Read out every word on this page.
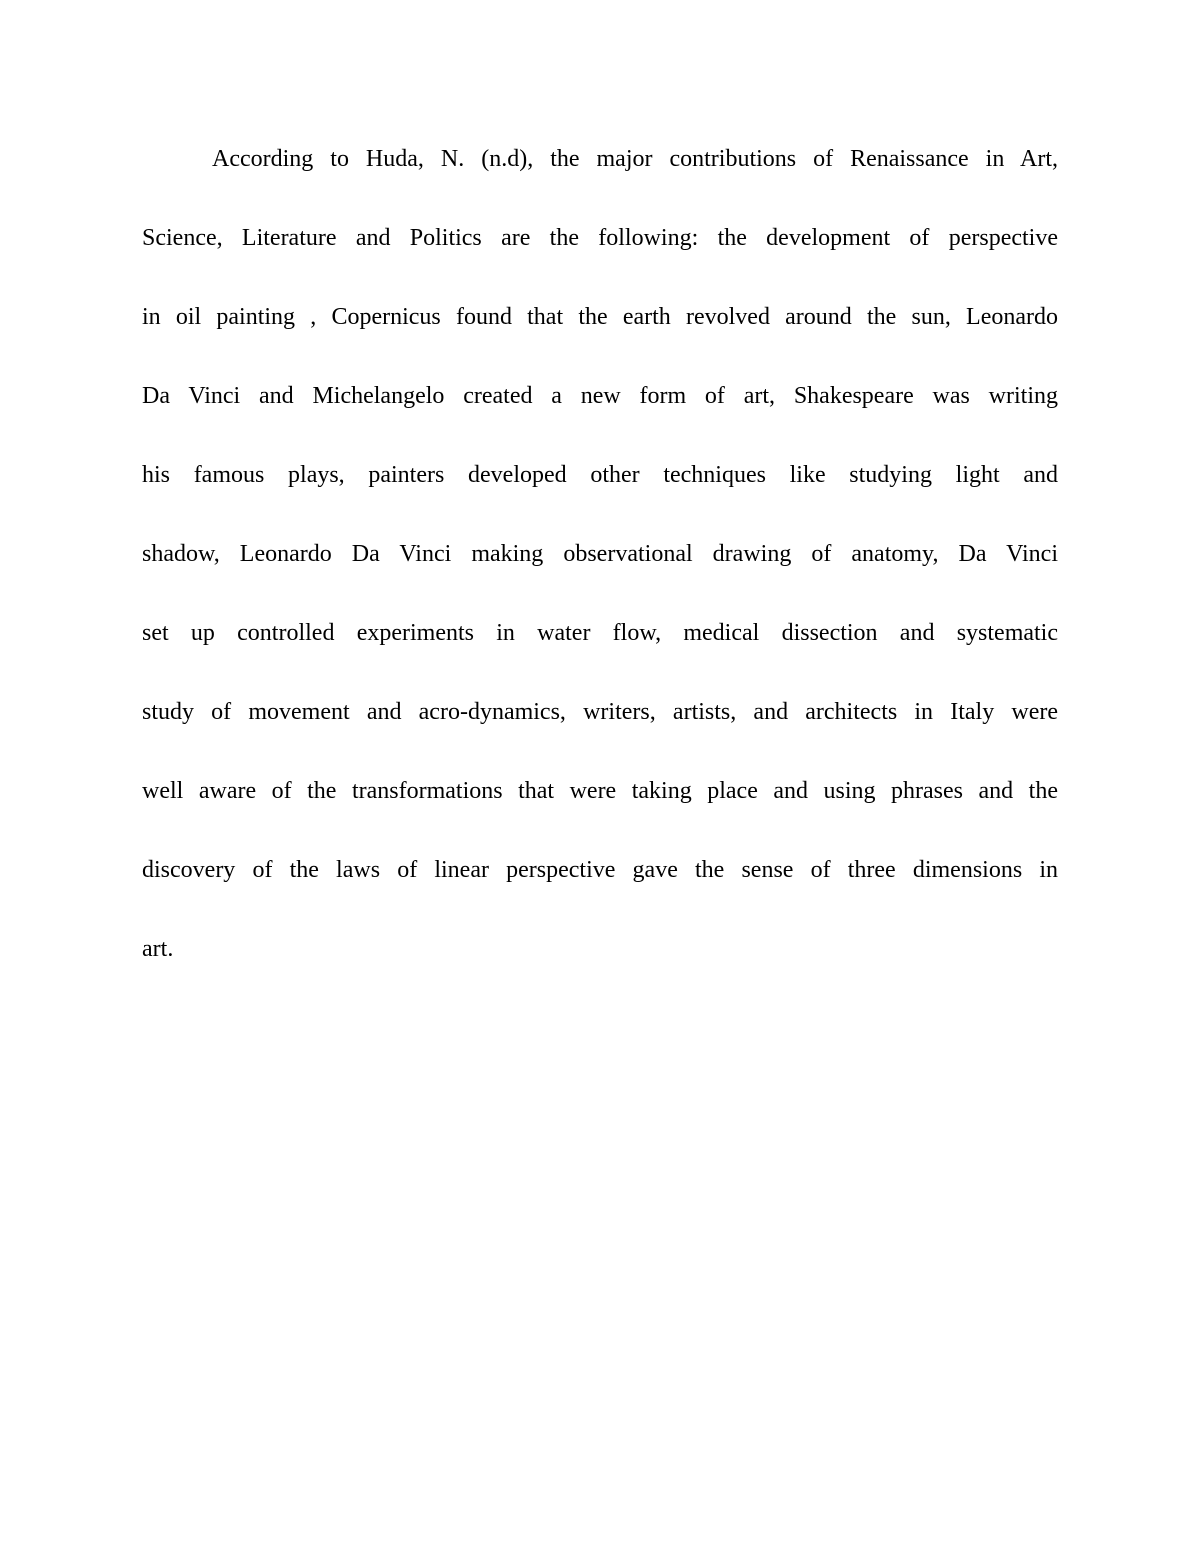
According to Huda, N. (n.d), the major contributions of Renaissance in Art,
Science, Literature and Politics are the following: the development of perspective
in oil painting , Copernicus found that the earth revolved around the sun, Leonardo
Da Vinci and Michelangelo created a new form of art, Shakespeare was writing
his famous plays, painters developed other techniques like studying light and
shadow, Leonardo Da Vinci making observational drawing of anatomy, Da Vinci
set up controlled experiments in water flow, medical dissection and systematic
study of movement and acro-dynamics, writers, artists, and architects in Italy were
well aware of the transformations that were taking place and using phrases and the
discovery of the laws of linear perspective gave the sense of three dimensions in
art.
